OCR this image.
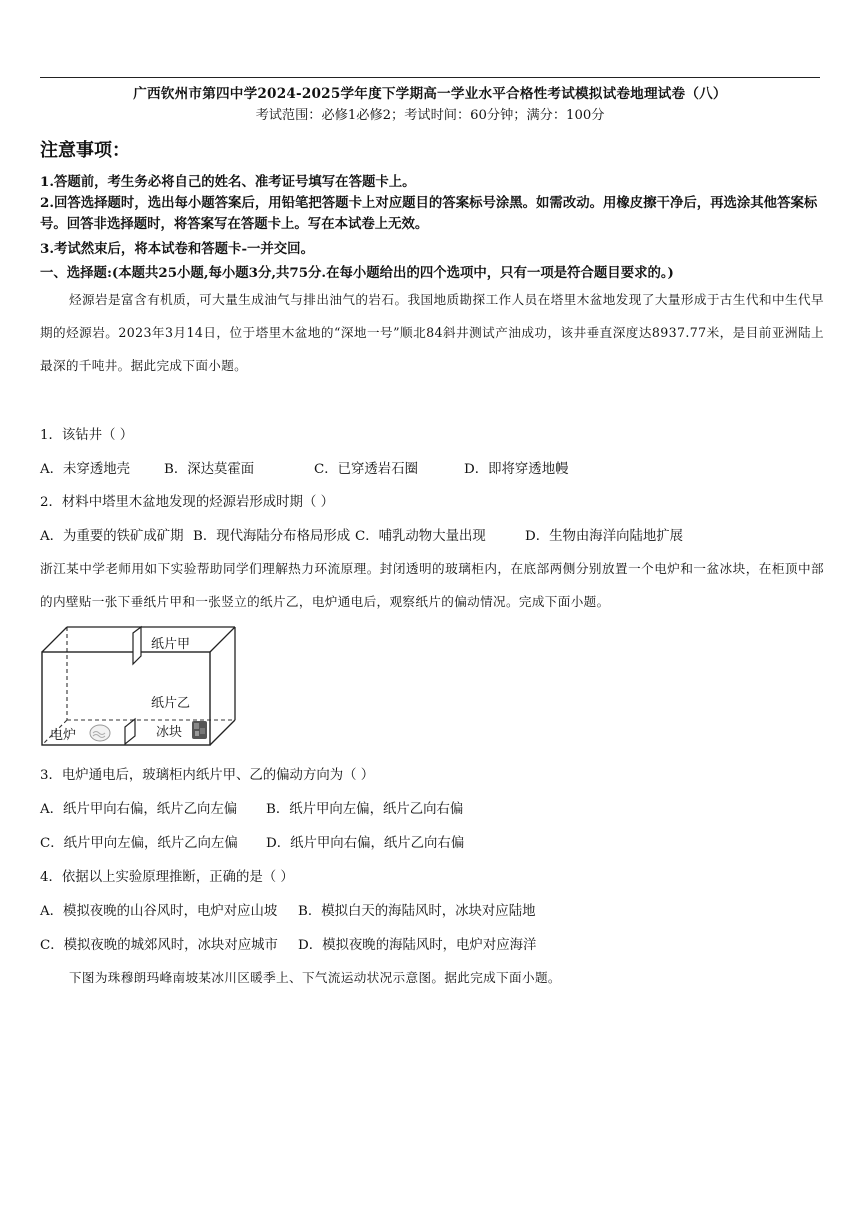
广西钦州市第四中学2024-2025学年度下学期高一学业水平合格性考试模拟试卷地理试卷（八）
考试范围：必修1必修2；考试时间：60分钟；满分：100分
注意事项：
1.答题前，考生务必将自己的姓名、准考证号填写在答题卡上。
2.回答选择题时，选出每小题答案后，用铅笔把答题卡上对应题目的答案标号涂黑。如需改动。用橡皮擦干净后，再选涂其他答案标号。回答非选择题时，将答案写在答题卡上。写在本试卷上无效。
3.考试然束后，将本试卷和答题卡-一并交回。
一、选择题:(本题共25小题,每小题3分,共75分.在每小题给出的四个选项中，只有一项是符合题目要求的。)
烃源岩是富含有机质，可大量生成油气与排出油气的岩石。我国地质勘探工作人员在塔里木盆地发现了大量形成于古生代和中生代早期的烃源岩。2023年3月14日，位于塔里木盆地的“深地一号”顺北84斜井测试产油成功，该井垂直深度达8937.77米，是目前亚洲陆上最深的千吨井。据此完成下面小题。
1．该钻井（ ）
A．未穿透地壳	B．深达莫霍面	C．已穿透岩石圈	D．即将穿透地幔
2．材料中塔里木盆地发现的烃源岩形成时期（ ）
A．为重要的铁矿成矿期 B．现代海陆分布格局形成 C．哺乳动物大量出现	D．生物由海洋向陆地扩展
浙江某中学老师用如下实验帮助同学们理解热力环流原理。封闭透明的玻璃柜内，在底部两侧分别放置一个电炉和一盆冰块，在柜顶中部的内壁贴一张下垂纸片甲和一张竖立的纸片乙，电炉通电后，观察纸片的偏动情况。完成下面小题。
纸片甲
纸片乙
电炉	冰块
3．电炉通电后，玻璃柜内纸片甲、乙的偏动方向为（ ）
A．纸片甲向右偏，纸片乙向左偏 B．纸片甲向左偏，纸片乙向右偏
C．纸片甲向左偏，纸片乙向左偏 D．纸片甲向右偏，纸片乙向右偏
4．依据以上实验原理推断，正确的是（ ）
A．模拟夜晚的山谷风时，电炉对应山坡 B．模拟白天的海陆风时，冰块对应陆地
C．模拟夜晚的城郊风时，冰块对应城市 D．模拟夜晚的海陆风时，电炉对应海洋
下图为珠穆朗玛峰南坡某冰川区暖季上、下气流运动状况示意图。据此完成下面小题。
